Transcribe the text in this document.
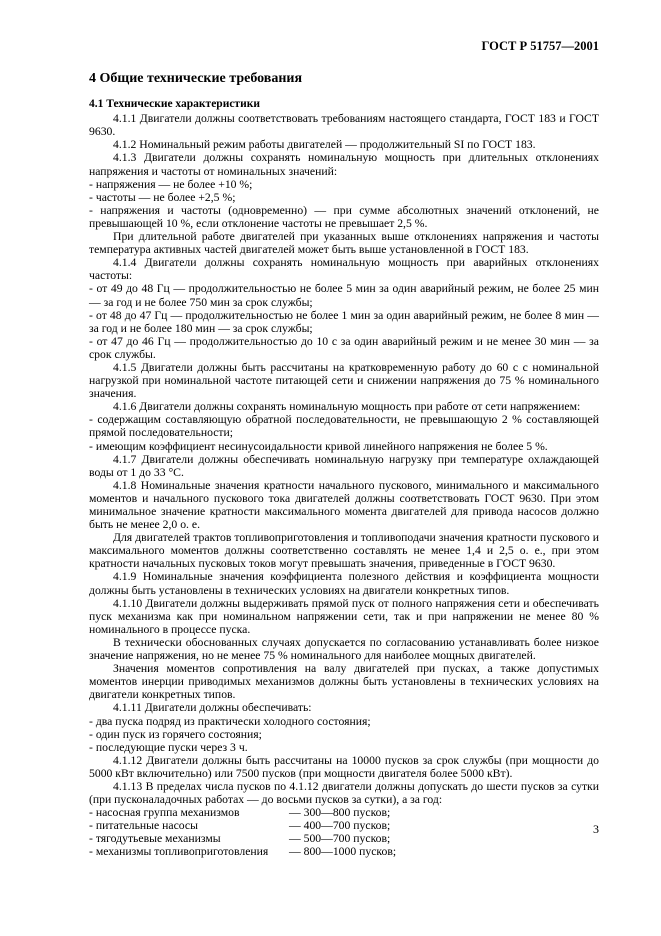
ГОСТ Р 51757—2001
4 Общие технические требования
4.1 Технические характеристики
4.1.1 Двигатели должны соответствовать требованиям настоящего стандарта, ГОСТ 183 и ГОСТ 9630.
4.1.2 Номинальный режим работы двигателей — продолжительный SI по ГОСТ 183.
4.1.3 Двигатели должны сохранять номинальную мощность при длительных отклонениях напряжения и частоты от номинальных значений:
- напряжения — не более +10 %;
- частоты — не более +2,5 %;
- напряжения и частоты (одновременно) — при сумме абсолютных значений отклонений, не превышающей 10 %, если отклонение частоты не превышает 2,5 %.
При длительной работе двигателей при указанных выше отклонениях напряжения и частоты температура активных частей двигателей может быть выше установленной в ГОСТ 183.
4.1.4 Двигатели должны сохранять номинальную мощность при аварийных отклонениях частоты:
- от 49 до 48 Гц — продолжительностью не более 5 мин за один аварийный режим, не более 25 мин — за год и не более 750 мин за срок службы;
- от 48 до 47 Гц — продолжительностью не более 1 мин за один аварийный режим, не более 8 мин — за год и не более 180 мин — за срок службы;
- от 47 до 46 Гц — продолжительностью до 10 с за один аварийный режим и не менее 30 мин — за срок службы.
4.1.5 Двигатели должны быть рассчитаны на кратковременную работу до 60 с с номинальной нагрузкой при номинальной частоте питающей сети и снижении напряжения до 75 % номинального значения.
4.1.6 Двигатели должны сохранять номинальную мощность при работе от сети напряжением:
- содержащим составляющую обратной последовательности, не превышающую 2 % составляющей прямой последовательности;
- имеющим коэффициент несинусоидальности кривой линейного напряжения не более 5 %.
4.1.7 Двигатели должны обеспечивать номинальную нагрузку при температуре охлаждающей воды от 1 до 33 °С.
4.1.8 Номинальные значения кратности начального пускового, минимального и максимального моментов и начального пускового тока двигателей должны соответствовать ГОСТ 9630. При этом минимальное значение кратности максимального момента двигателей для привода насосов должно быть не менее 2,0 о. е.
Для двигателей трактов топливоприготовления и топливоподачи значения кратности пускового и максимального моментов должны соответственно составлять не менее 1,4 и 2,5 о. е., при этом кратности начальных пусковых токов могут превышать значения, приведенные в ГОСТ 9630.
4.1.9 Номинальные значения коэффициента полезного действия и коэффициента мощности должны быть установлены в технических условиях на двигатели конкретных типов.
4.1.10 Двигатели должны выдерживать прямой пуск от полного напряжения сети и обеспечивать пуск механизма как при номинальном напряжении сети, так и при напряжении не менее 80 % номинального в процессе пуска.
В технически обоснованных случаях допускается по согласованию устанавливать более низкое значение напряжения, но не менее 75 % номинального для наиболее мощных двигателей.
Значения моментов сопротивления на валу двигателей при пусках, а также допустимых моментов инерции приводимых механизмов должны быть установлены в технических условиях на двигатели конкретных типов.
4.1.11 Двигатели должны обеспечивать:
- два пуска подряд из практически холодного состояния;
- один пуск из горячего состояния;
- последующие пуски через 3 ч.
4.1.12 Двигатели должны быть рассчитаны на 10000 пусков за срок службы (при мощности до 5000 кВт включительно) или 7500 пусков (при мощности двигателя более 5000 кВт).
4.1.13 В пределах числа пусков по 4.1.12 двигатели должны допускать до шести пусков за сутки (при пусконаладочных работах — до восьми пусков за сутки), а за год:
- насосная группа механизмов	— 300—800 пусков;
- питательные насосы	— 400—700 пусков;
- тягодутьевые механизмы	— 500—700 пусков;
- механизмы топливоприготовления	— 800—1000 пусков;
3
